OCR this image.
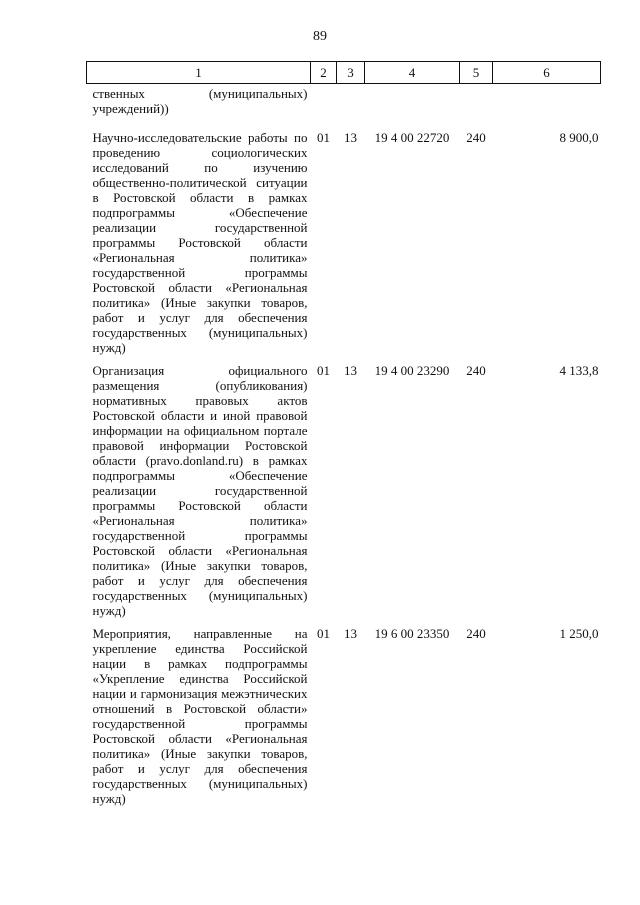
89
1	2	3	4	5	6
ственных (муниципальных) учреждений))					
Научно-исследовательские работы по проведению социологических исследований по изучению общественно-политической ситуации в Ростовской области в рамках подпрограммы «Обеспечение реализации государственной программы Ростовской области «Региональная политика» государственной программы Ростовской области «Региональная политика» (Иные закупки товаров, работ и услуг для обеспечения государственных (муниципальных) нужд)	01	13	19 4 00 22720	240	8 900,0
Организация официального размещения (опубликования) нормативных правовых актов Ростовской области и иной правовой информации на официальном портале правовой информации Ростовской области (pravo.donland.ru) в рамках подпрограммы «Обеспечение реализации государственной программы Ростовской области «Региональная политика» государственной программы Ростовской области «Региональная политика» (Иные закупки товаров, работ и услуг для обеспечения государственных (муниципальных) нужд)	01	13	19 4 00 23290	240	4 133,8
Мероприятия, направленные на укрепление единства Российской нации в рамках подпрограммы «Укрепление единства Российской нации и гармонизация межэтнических отношений в Ростовской области» государственной программы Ростовской области «Региональная политика» (Иные закупки товаров, работ и услуг для обеспечения государственных (муниципальных) нужд)	01	13	19 6 00 23350	240	1 250,0
